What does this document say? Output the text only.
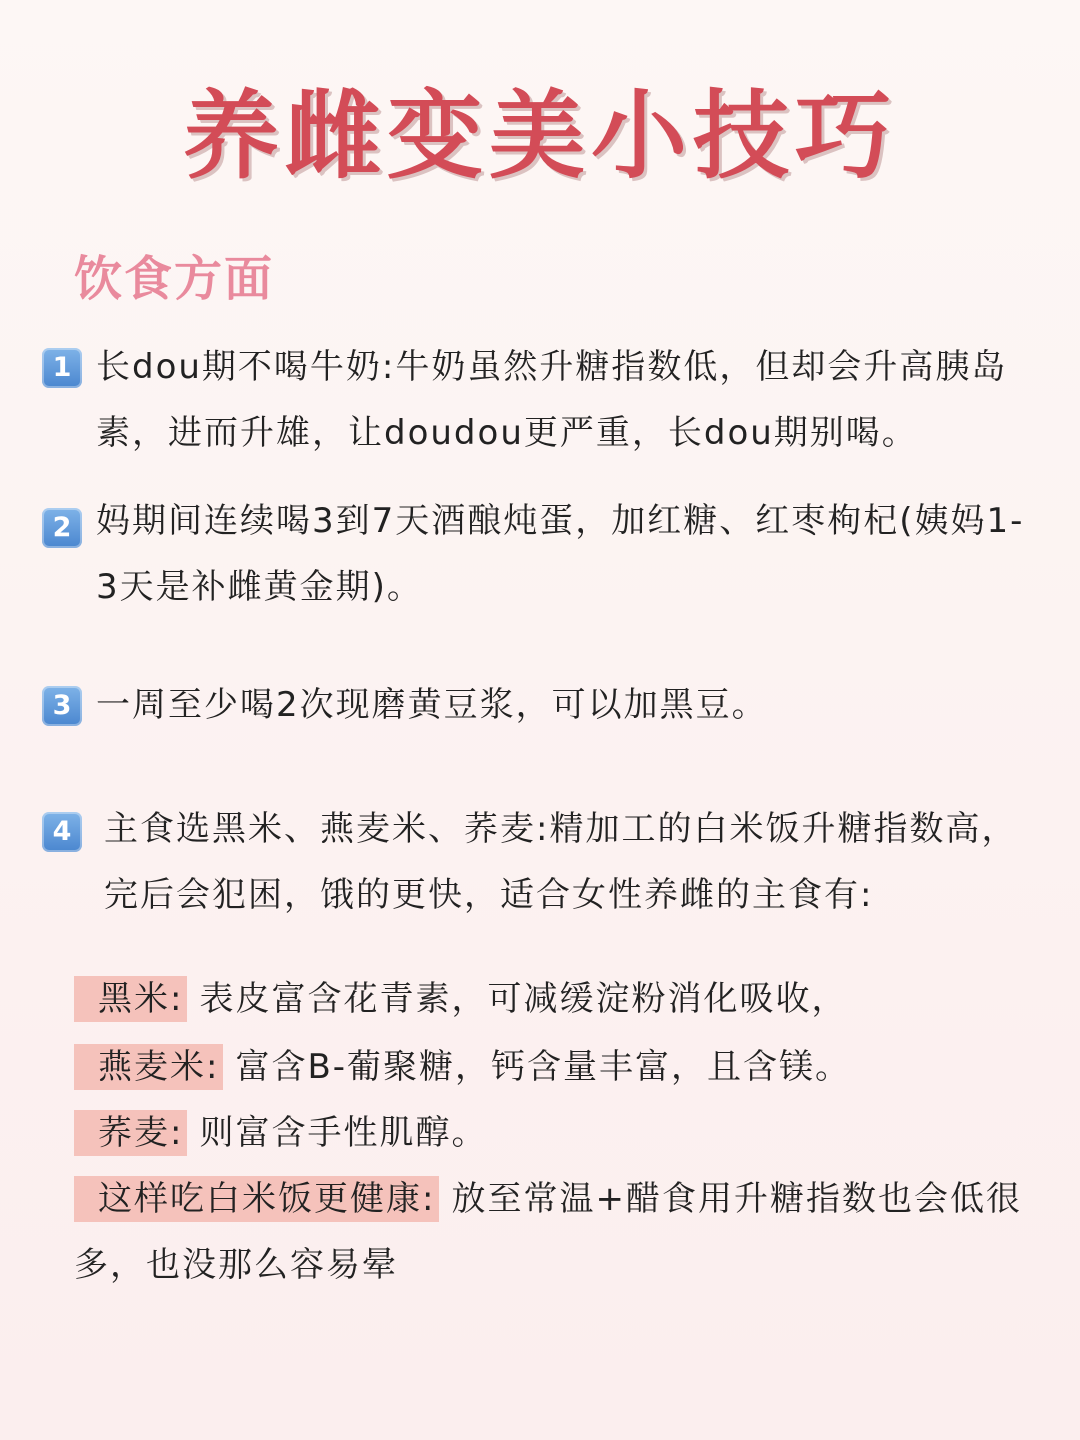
养雌变美小技巧
饮食方面
1 长dou期不喝牛奶:牛奶虽然升糖指数低，但却会升高胰岛素，进而升雄，让doudou更严重，长dou期别喝。
2 妈期间连续喝3到7天酒酿炖蛋，加红糖、红枣枸杞(姨妈1-3天是补雌黄金期)。
3 一周至少喝2次现磨黄豆浆，可以加黑豆。
4 主食选黑米、燕麦米、荞麦:精加工的白米饭升糖指数高，完后会犯困，饿的更快，适合女性养雌的主食有:
黑米: 表皮富含花青素，可减缓淀粉消化吸收，
燕麦米: 富含B-葡聚糖，钙含量丰富，且含镁。
荞麦: 则富含手性肌醇。
这样吃白米饭更健康: 放至常温+醋食用升糖指数也会低很多，也没那么容易晕
